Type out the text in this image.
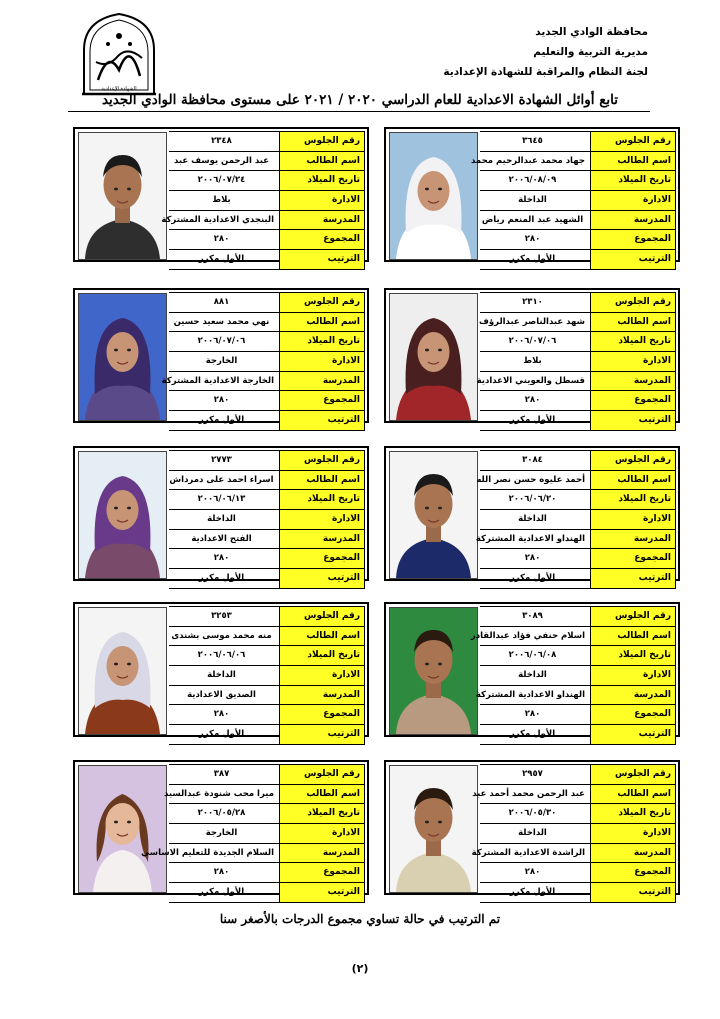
محافظة الوادي الجديد
مديرية التربية والتعليم
لجنة النظام والمراقبة للشهادة الإعدادية
الشهادة الإعدادية
تابع أوائل الشهادة الاعدادية للعام الدراسي ٢٠٢٠ / ٢٠٢١ على مستوى محافظة الوادي الجديد
٣٦٤٥	رقم الجلوس
جهاد محمد عبدالرحيم محمد	اسم الطالب
٢٠٠٦/٠٨/٠٩	تاريخ الميلاد
الداخلة	الادارة
الشهيد عبد المنعم رياض	المدرسة
٢٨٠	المجموع
الأول مكرر	الترتيب
٢٣٤٨	رقم الجلوس
عبد الرحمن يوسف عبد	اسم الطالب
٢٠٠٦/٠٧/٢٤	تاريخ الميلاد
بلاط	الادارة
البنجدي الاعدادية المشتركة	المدرسة
٢٨٠	المجموع
الأول مكرر	الترتيب
٢٣١٠	رقم الجلوس
شهد عبدالناصر عبدالرؤف	اسم الطالب
٢٠٠٦/٠٧/٠٦	تاريخ الميلاد
بلاط	الادارة
قسطل والعويني الاعدادية	المدرسة
٢٨٠	المجموع
الأول مكرر	الترتيب
٨٨١	رقم الجلوس
نهي محمد سعيد حسين	اسم الطالب
٢٠٠٦/٠٧/٠٦	تاريخ الميلاد
الخارجة	الادارة
الخارجة الاعدادية المشتركة	المدرسة
٢٨٠	المجموع
الأول مكرر	الترتيب
٣٠٨٤	رقم الجلوس
أحمد عليوه حسن نصر الله	اسم الطالب
٢٠٠٦/٠٦/٢٠	تاريخ الميلاد
الداخلة	الادارة
الهنداو الاعدادية المشتركة	المدرسة
٢٨٠	المجموع
الأول مكرر	الترتيب
٢٧٧٣	رقم الجلوس
اسراء احمد على دمرداش	اسم الطالب
٢٠٠٦/٠٦/١٣	تاريخ الميلاد
الداخلة	الادارة
الفتح الاعدادية	المدرسة
٢٨٠	المجموع
الأول مكرر	الترتيب
٣٠٨٩	رقم الجلوس
اسلام حنفي فؤاد عبدالقادر	اسم الطالب
٢٠٠٦/٠٦/٠٨	تاريخ الميلاد
الداخلة	الادارة
الهنداو الاعدادية المشتركة	المدرسة
٢٨٠	المجموع
الأول مكرر	الترتيب
٣٢٥٣	رقم الجلوس
منه محمد موسى بشندى	اسم الطالب
٢٠٠٦/٠٦/٠٦	تاريخ الميلاد
الداخلة	الادارة
الصديق الاعدادية	المدرسة
٢٨٠	المجموع
الأول مكرر	الترتيب
٢٩٥٧	رقم الجلوس
عبد الرحمن محمد أحمد عبد	اسم الطالب
٢٠٠٦/٠٥/٣٠	تاريخ الميلاد
الداخلة	الادارة
الراشدة الاعدادية المشتركة	المدرسة
٢٨٠	المجموع
الأول مكرر	الترتيب
٣٨٧	رقم الجلوس
ميرا محب شنودة عبدالسيد	اسم الطالب
٢٠٠٦/٠٥/٢٨	تاريخ الميلاد
الخارجة	الادارة
السلام الجديدة للتعليم الاساسي	المدرسة
٢٨٠	المجموع
الأول مكرر	الترتيب
تم الترتيب في حالة تساوي مجموع الدرجات بالأصغر سنا
(٢)
